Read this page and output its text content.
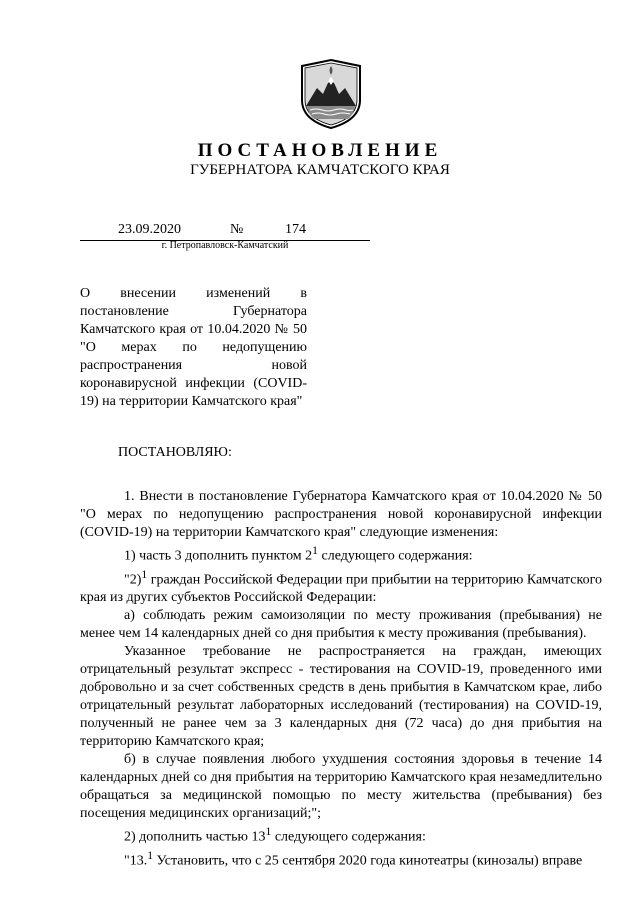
ПОСТАНОВЛЕНИЕ
ГУБЕРНАТОРА КАМЧАТСКОГО КРАЯ
23.09.2020	№	174
г. Петропавловск-Камчатский
О внесении изменений в постановление Губернатора Камчатского края от 10.04.2020 № 50 "О мерах по недопущению распространения новой коронавирусной инфекции (COVID-19) на территории Камчатского края"
ПОСТАНОВЛЯЮ:

1. Внести в постановление Губернатора Камчатского края от 10.04.2020 № 50 "О мерах по недопущению распространения новой коронавирусной инфекции (COVID-19) на территории Камчатского края" следующие изменения:

1) часть 3 дополнить пунктом $2^1$ следующего содержания:

"2)$^1$ граждан Российской Федерации при прибытии на территорию Камчатского края из других субъектов Российской Федерации:

а) соблюдать режим самоизоляции по месту проживания (пребывания) не менее чем 14 календарных дней со дня прибытия к месту проживания (пребывания).

Указанное требование не распространяется на граждан, имеющих отрицательный результат экспресс - тестирования на COVID-19, проведенного ими добровольно и за счет собственных средств в день прибытия в Камчатском крае, либо отрицательный результат лабораторных исследований (тестирования) на COVID-19, полученный не ранее чем за 3 календарных дня (72 часа) до дня прибытия на территорию Камчатского края;

б) в случае появления любого ухудшения состояния здоровья в течение 14 календарных дней со дня прибытия на территорию Камчатского края незамедлительно обращаться за медицинской помощью по месту жительства (пребывания) без посещения медицинских организаций;";

2) дополнить частью $13^1$ следующего содержания:

"13.$^1$ Установить, что с 25 сентября 2020 года кинотеатры (кинозалы) вправе
